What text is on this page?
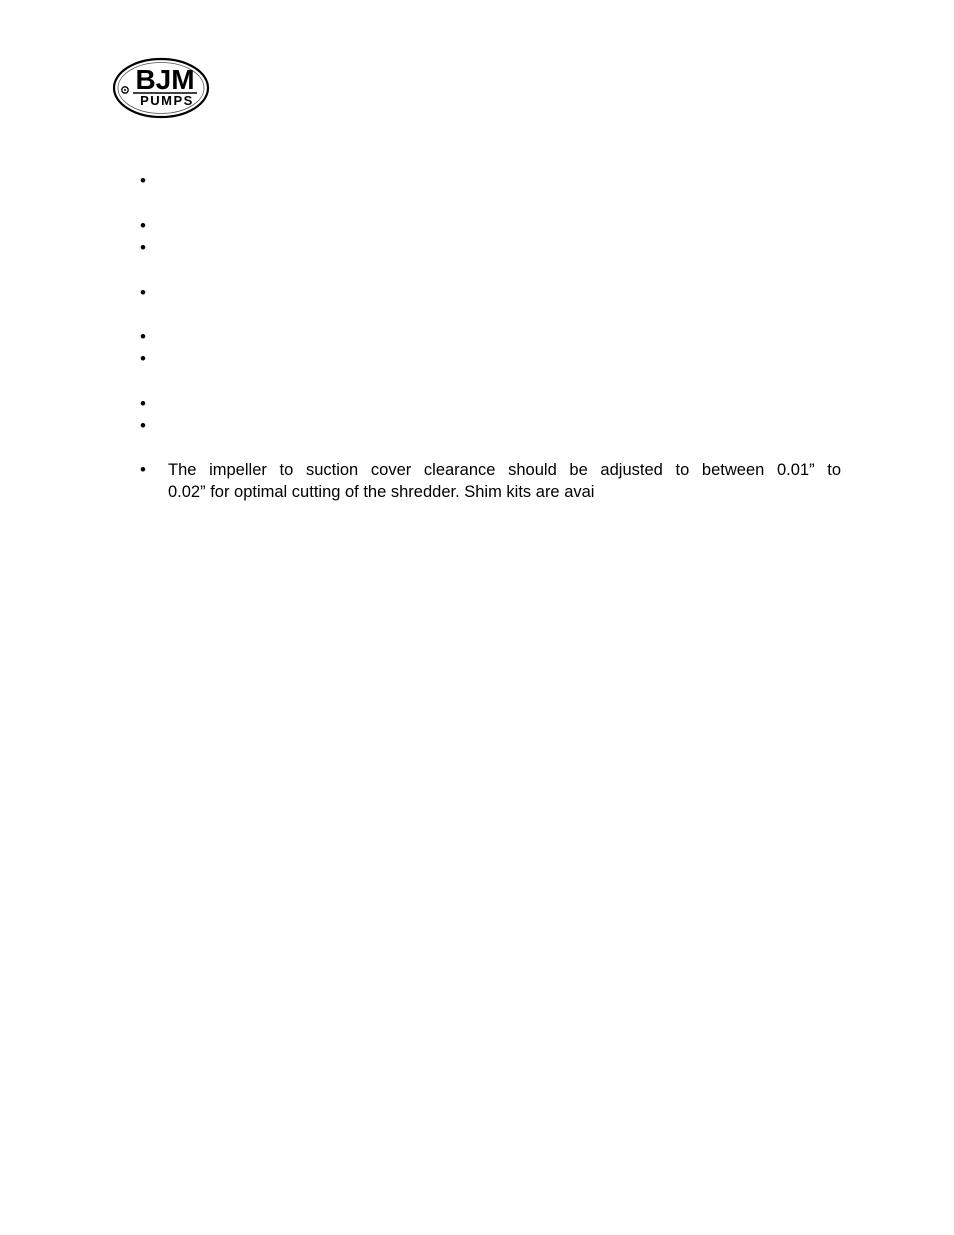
BJM
PUMPS
•
•
•
•
•
•
•
•
• The impeller to suction cover clearance should be adjusted to between 0.01” to
0.02” for optimal cutting of the shredder. Shim kits are avai
